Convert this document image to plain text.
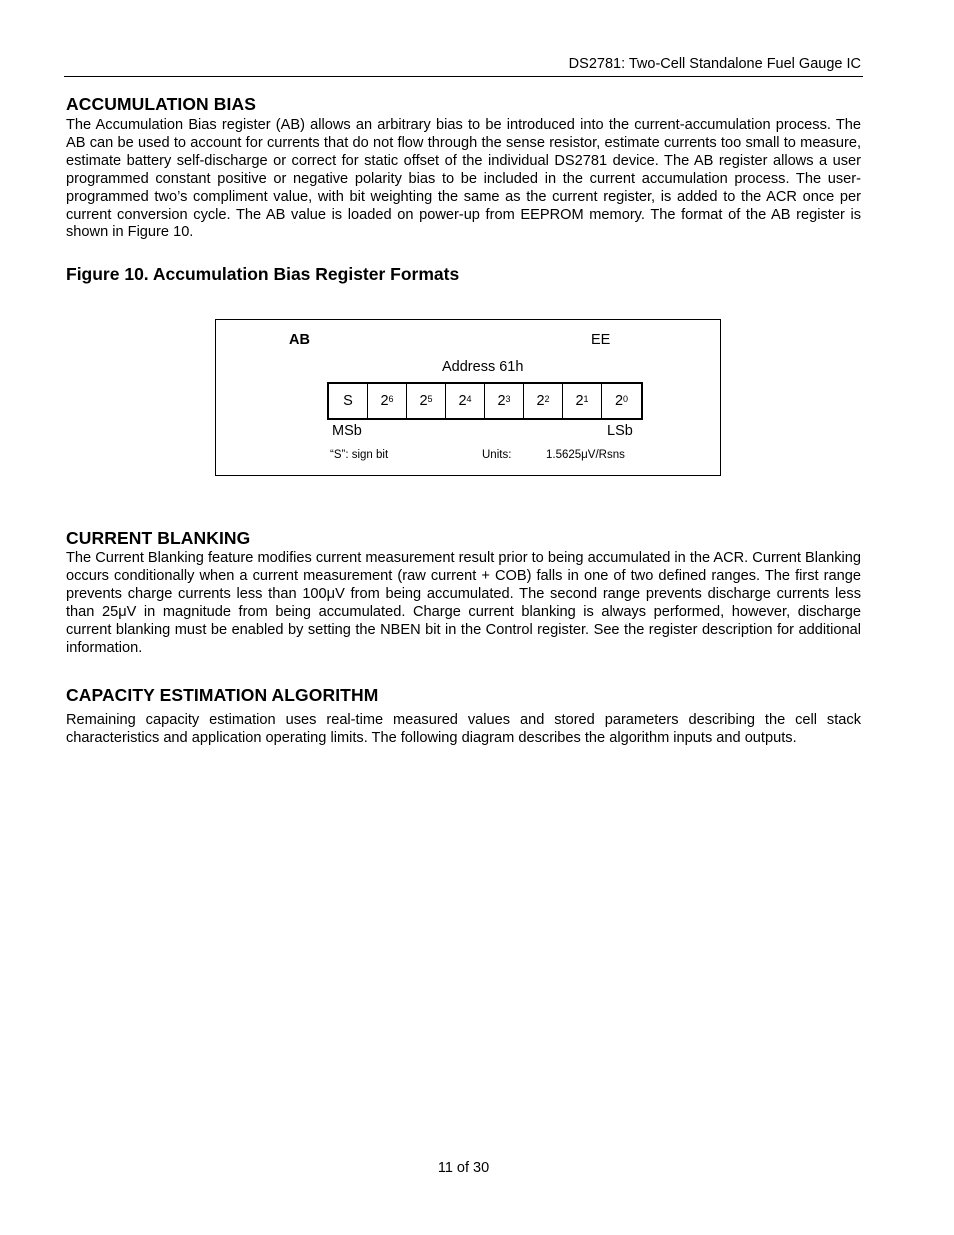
DS2781: Two-Cell Standalone Fuel Gauge IC
ACCUMULATION BIAS

The Accumulation Bias register (AB) allows an arbitrary bias to be introduced into the current-accumulation process. The AB can be used to account for currents that do not flow through the sense resistor, estimate currents too small to measure, estimate battery self-discharge or correct for static offset of the individual DS2781 device. The AB register allows a user programmed constant positive or negative polarity bias to be included in the current accumulation process. The user-programmed two’s compliment value, with bit weighting the same as the current register, is added to the ACR once per current conversion cycle. The AB value is loaded on power-up from EEPROM memory. The format of the AB register is shown in Figure 10.

Figure 10. Accumulation Bias Register Formats
AB	EE
Address 61h
S $2^6$ $2^5$ $2^4$ $2^3$ $2^2$ $2^1$ $2^0$
MSb	LSb
“S”: sign bit	Units:	1.5625μV/Rsns
CURRENT BLANKING

The Current Blanking feature modifies current measurement result prior to being accumulated in the ACR. Current Blanking occurs conditionally when a current measurement (raw current + COB) falls in one of two defined ranges. The first range prevents charge currents less than 100μV from being accumulated. The second range prevents discharge currents less than 25μV in magnitude from being accumulated. Charge current blanking is always performed, however, discharge current blanking must be enabled by setting the NBEN bit in the Control register. See the register description for additional information.

CAPACITY ESTIMATION ALGORITHM

Remaining capacity estimation uses real-time measured values and stored parameters describing the cell stack characteristics and application operating limits. The following diagram describes the algorithm inputs and outputs.

11 of 30
